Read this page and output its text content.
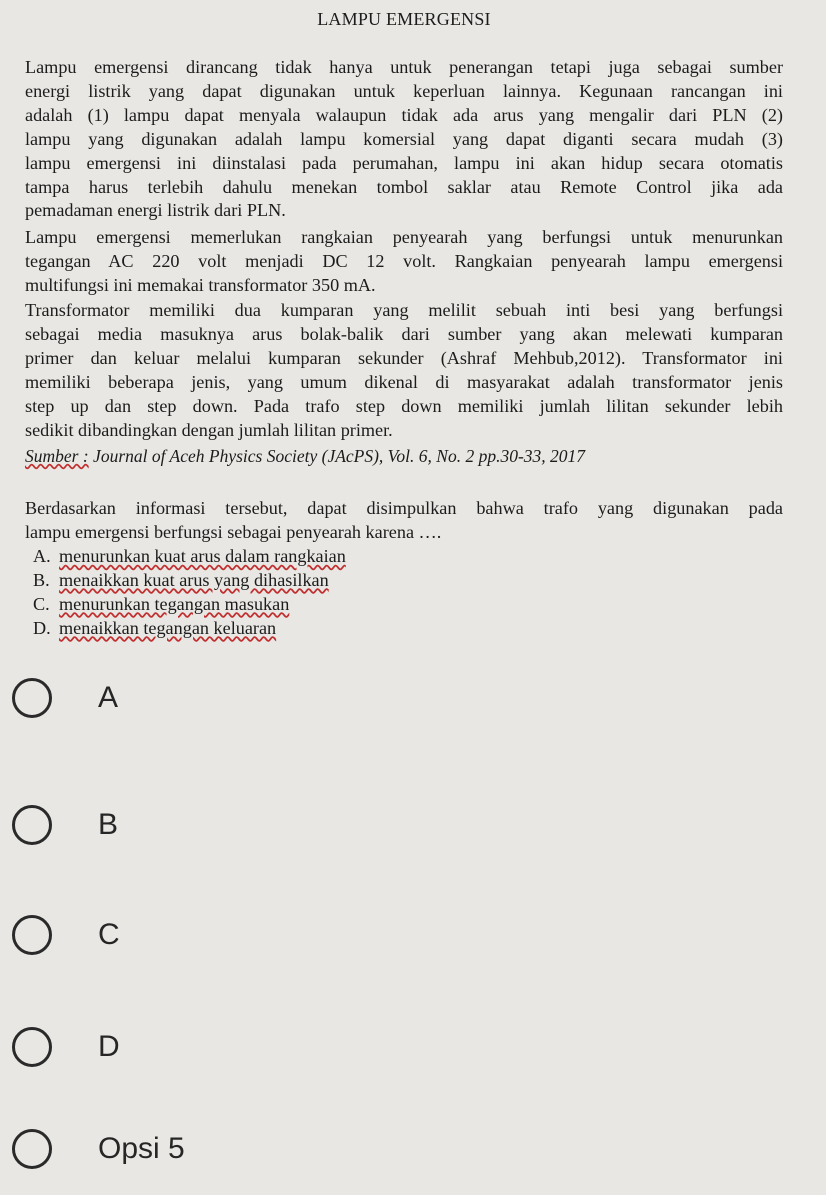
LAMPU EMERGENSI

Lampu emergensi dirancang tidak hanya untuk penerangan tetapi juga sebagai sumber
energi listrik yang dapat digunakan untuk keperluan lainnya. Kegunaan rancangan ini
adalah (1) lampu dapat menyala walaupun tidak ada arus yang mengalir dari PLN (2)
lampu yang digunakan adalah lampu komersial yang dapat diganti secara mudah (3)
lampu emergensi ini diinstalasi pada perumahan, lampu ini akan hidup secara otomatis
tampa harus terlebih dahulu menekan tombol saklar atau Remote Control jika ada
pemadaman energi listrik dari PLN.

Lampu emergensi memerlukan rangkaian penyearah yang berfungsi untuk menurunkan
tegangan AC 220 volt menjadi DC 12 volt. Rangkaian penyearah lampu emergensi
multifungsi ini memakai transformator 350 mA.

Transformator memiliki dua kumparan yang melilit sebuah inti besi yang berfungsi
sebagai media masuknya arus bolak-balik dari sumber yang akan melewati kumparan
primer dan keluar melalui kumparan sekunder (Ashraf Mehbub,2012). Transformator ini
memiliki beberapa jenis, yang umum dikenal di masyarakat adalah transformator jenis
step up dan step down. Pada trafo step down memiliki jumlah lilitan sekunder lebih
sedikit dibandingkan dengan jumlah lilitan primer.

Sumber : Journal of Aceh Physics Society (JAcPS), Vol. 6, No. 2 pp.30-33, 2017

Berdasarkan informasi tersebut, dapat disimpulkan bahwa trafo yang digunakan pada
lampu emergensi berfungsi sebagai penyearah karena ….

A. menurunkan kuat arus dalam rangkaian
B. menaikkan kuat arus yang dihasilkan
C. menurunkan tegangan masukan
D. menaikkan tegangan keluaran
A
B
C
D
Opsi 5
